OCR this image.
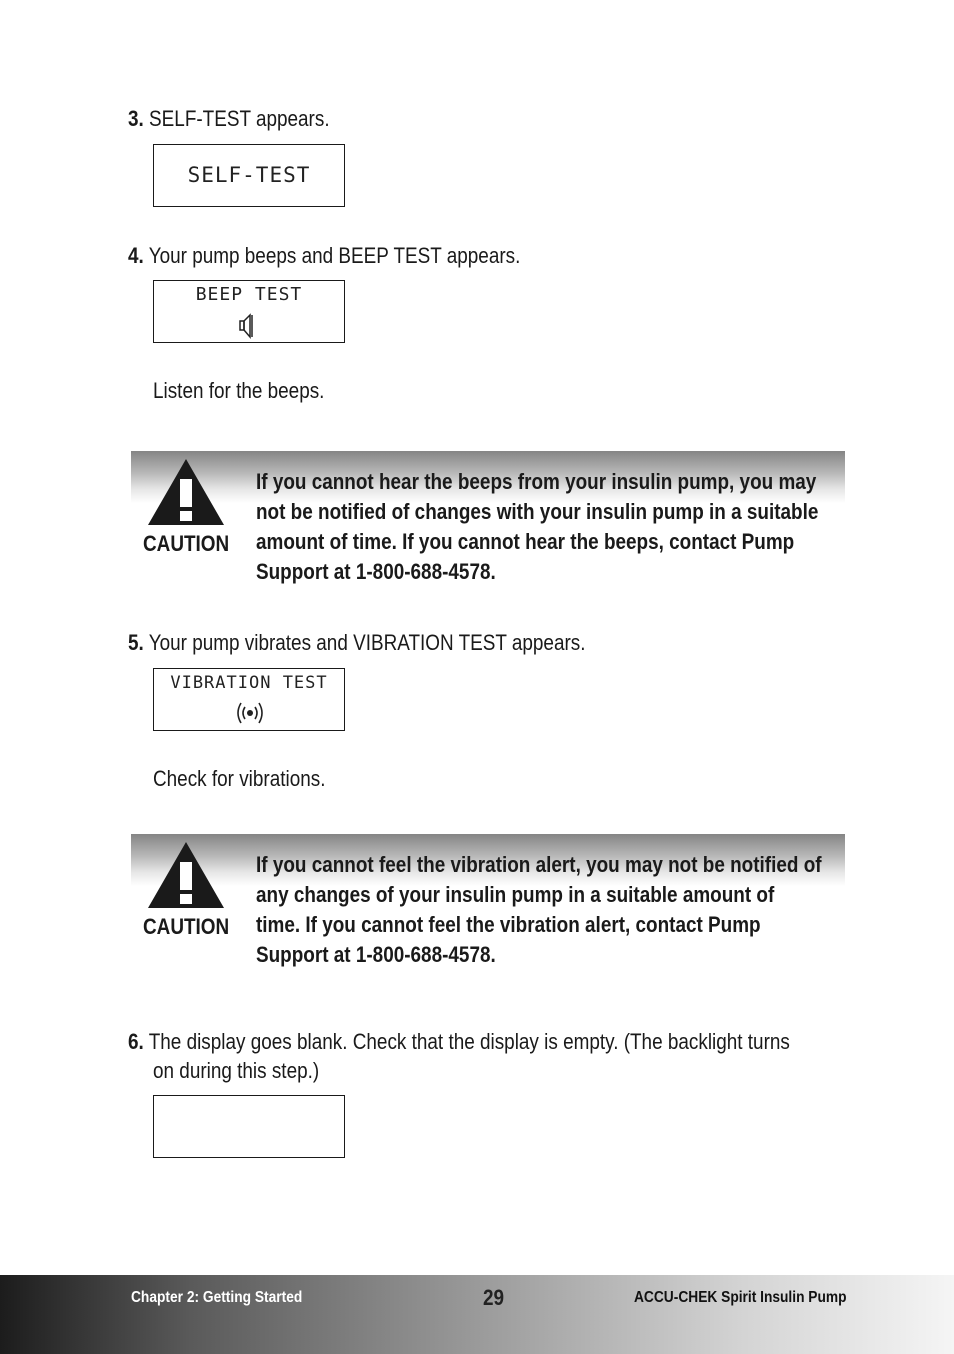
3. SELF-TEST appears.
SELF-TEST
4. Your pump beeps and BEEP TEST appears.
BEEP TEST
Listen for the beeps.
CAUTION
If you cannot hear the beeps from your insulin pump, you may not be notified of changes with your insulin pump in a suitable amount of time. If you cannot hear the beeps, contact Pump Support at 1-800-688-4578.
5. Your pump vibrates and VIBRATION TEST appears.
VIBRATION TEST
Check for vibrations.
CAUTION
If you cannot feel the vibration alert, you may not be notified of any changes of your insulin pump in a suitable amount of time. If you cannot feel the vibration alert, contact Pump Support at 1-800-688-4578.
6. The display goes blank. Check that the display is empty. (The backlight turns
on during this step.)
Chapter 2: Getting Started	29	ACCU-CHEK Spirit Insulin Pump
